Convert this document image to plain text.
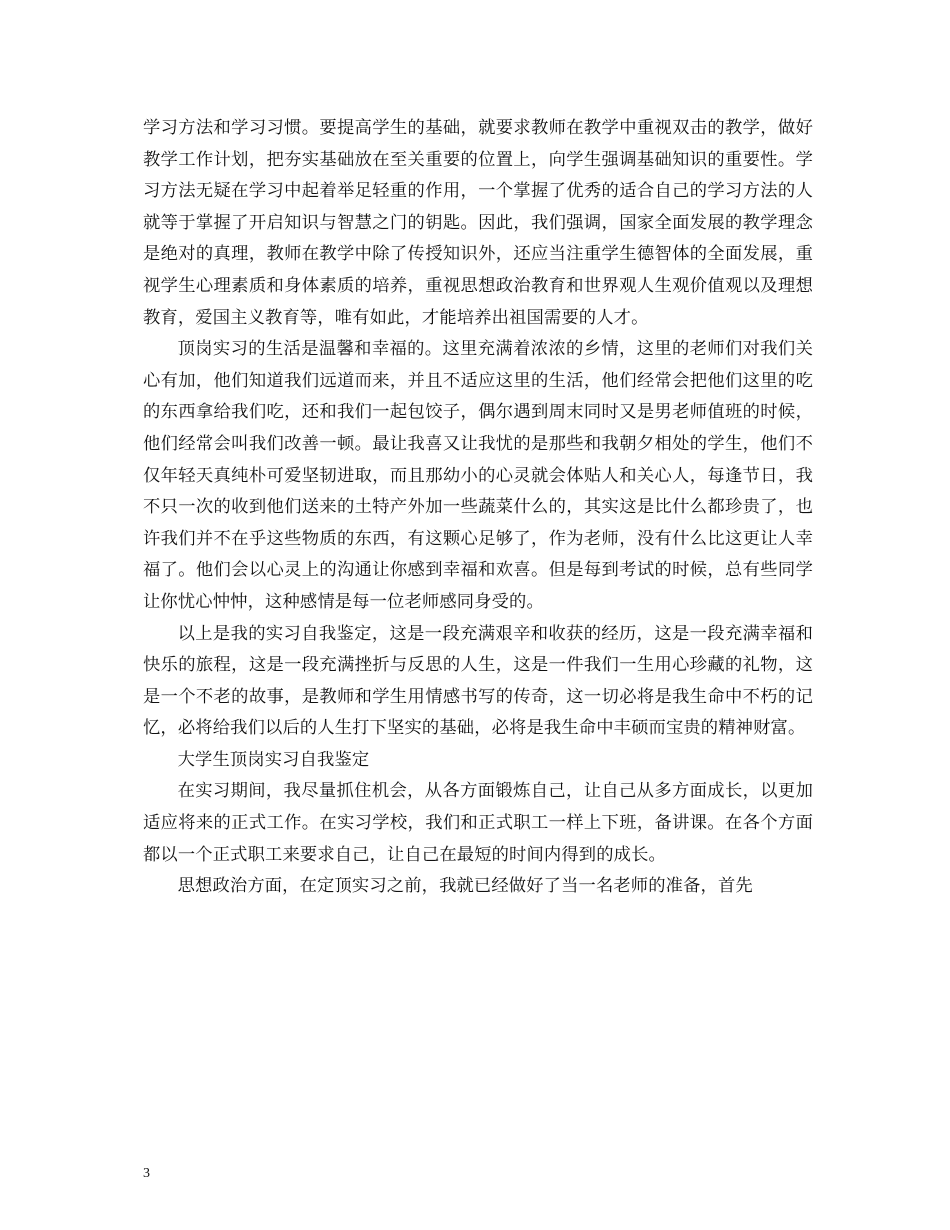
学习方法和学习习惯。要提高学生的基础，就要求教师在教学中重视双击的教学，做好教学工作计划，把夯实基础放在至关重要的位置上，向学生强调基础知识的重要性。学习方法无疑在学习中起着举足轻重的作用，一个掌握了优秀的适合自己的学习方法的人就等于掌握了开启知识与智慧之门的钥匙。因此，我们强调，国家全面发展的教学理念是绝对的真理，教师在教学中除了传授知识外，还应当注重学生德智体的全面发展，重视学生心理素质和身体素质的培养，重视思想政治教育和世界观人生观价值观以及理想教育，爱国主义教育等，唯有如此，才能培养出祖国需要的人才。

顶岗实习的生活是温馨和幸福的。这里充满着浓浓的乡情，这里的老师们对我们关心有加，他们知道我们远道而来，并且不适应这里的生活，他们经常会把他们这里的吃的东西拿给我们吃，还和我们一起包饺子，偶尔遇到周末同时又是男老师值班的时候，他们经常会叫我们改善一顿。最让我喜又让我忧的是那些和我朝夕相处的学生，他们不仅年轻天真纯朴可爱坚韧进取，而且那幼小的心灵就会体贴人和关心人，每逢节日，我不只一次的收到他们送来的土特产外加一些蔬菜什么的，其实这是比什么都珍贵了，也许我们并不在乎这些物质的东西，有这颗心足够了，作为老师，没有什么比这更让人幸福了。他们会以心灵上的沟通让你感到幸福和欢喜。但是每到考试的时候，总有些同学让你忧心忡忡，这种感情是每一位老师感同身受的。

以上是我的实习自我鉴定，这是一段充满艰辛和收获的经历，这是一段充满幸福和快乐的旅程，这是一段充满挫折与反思的人生，这是一件我们一生用心珍藏的礼物，这是一个不老的故事，是教师和学生用情感书写的传奇，这一切必将是我生命中不朽的记忆，必将给我们以后的人生打下坚实的基础，必将是我生命中丰硕而宝贵的精神财富。

大学生顶岗实习自我鉴定

在实习期间，我尽量抓住机会，从各方面锻炼自己，让自己从多方面成长，以更加适应将来的正式工作。在实习学校，我们和正式职工一样上下班，备讲课。在各个方面都以一个正式职工来要求自己，让自己在最短的时间内得到的成长。

思想政治方面，在定顶实习之前，我就已经做好了当一名老师的准备，首先

3
